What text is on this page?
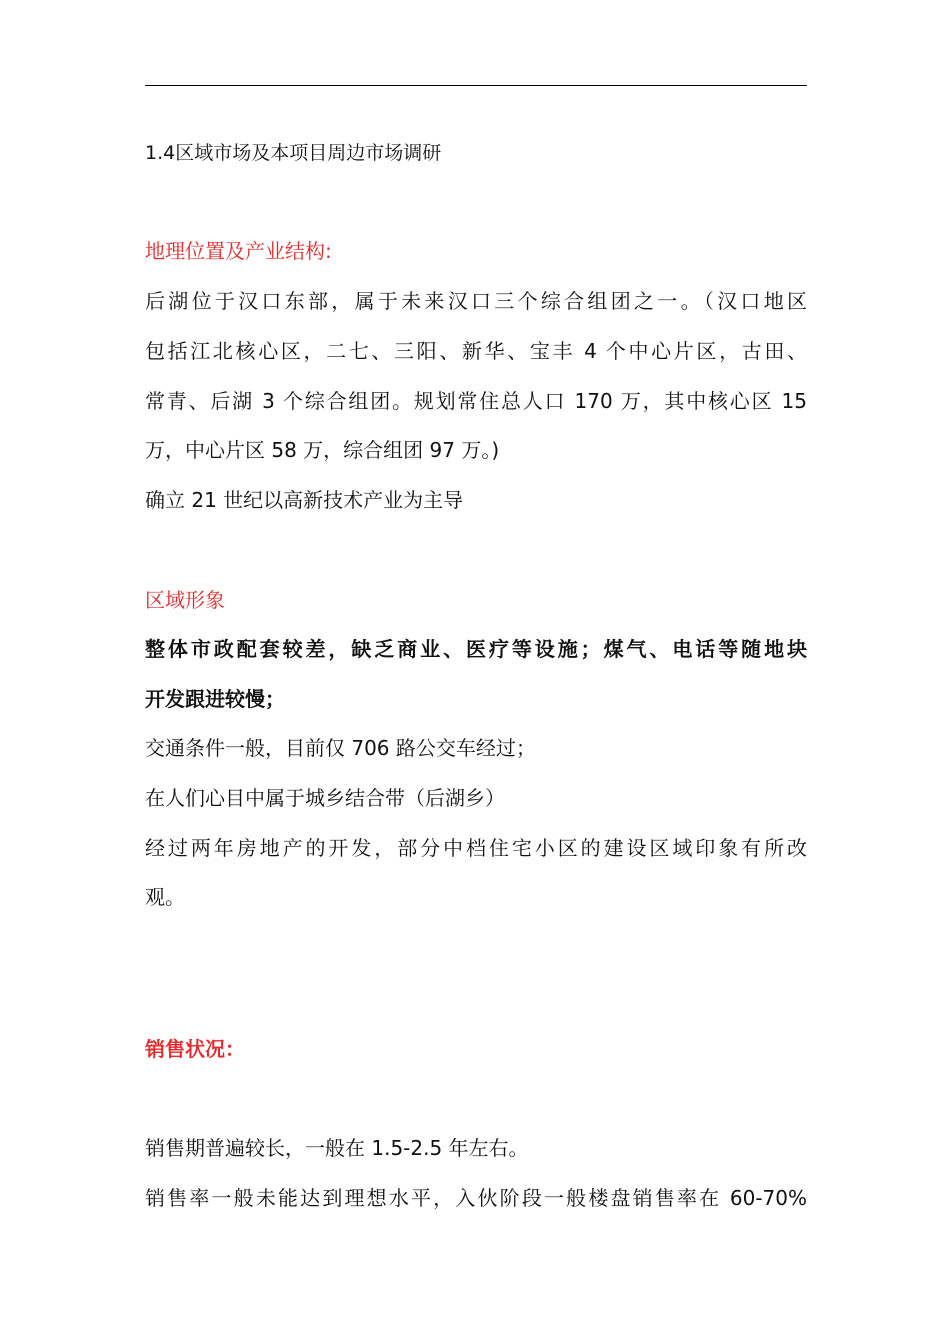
1.4区域市场及本项目周边市场调研
地理位置及产业结构:
后湖位于汉口东部，属于未来汉口三个综合组团之一。（汉口地区
包括江北核心区，二七、三阳、新华、宝丰 4 个中心片区，古田、
常青、后湖 3 个综合组团。规划常住总人口 170 万，其中核心区 15
万，中心片区 58 万，综合组团 97 万。)
确立 21 世纪以高新技术产业为主导
区域形象
整体市政配套较差，缺乏商业、医疗等设施；煤气、电话等随地块
开发跟进较慢；
交通条件一般，目前仅 706 路公交车经过；
在人们心目中属于城乡结合带（后湖乡）
经过两年房地产的开发，部分中档住宅小区的建设区域印象有所改
观。
销售状况：
销售期普遍较长，一般在 1.5-2.5 年左右。
销售率一般未能达到理想水平，入伙阶段一般楼盘销售率在 60-70%
